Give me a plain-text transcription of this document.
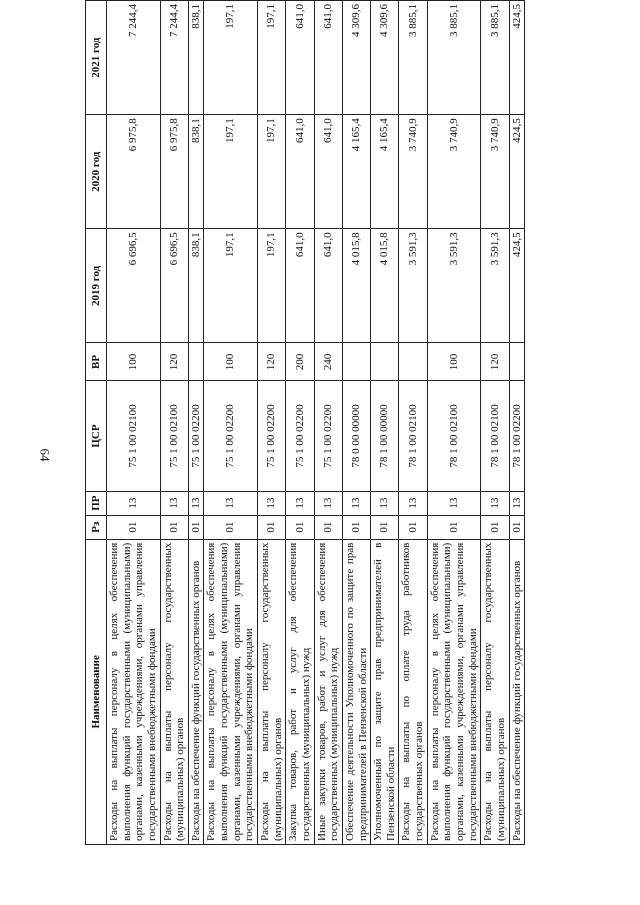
64
Наименование	Рз	ПР	ЦСР	ВР	2019 год	2020 год	2021 год
Расходы на выплаты персоналу в целях обеспечения выполнения функций государственными (муниципальными) органами, казенными учреждениями, органами управления государственными внебюджетными фондами	01	13	75 1 00 02100	100	6 696,5	6 975,8	7 244,4
Расходы на выплаты персоналу государственных (муниципальных) органов	01	13	75 1 00 02100	120	6 696,5	6 975,8	7 244,4
Расходы на обеспечение функций государственных органов	01	13	75 1 00 02200		838,1	838,1	838,1
Расходы на выплаты персоналу в целях обеспечения выполнения функций государственными (муниципальными) органами, казенными учреждениями, органами управления государственными внебюджетными фондами	01	13	75 1 00 02200	100	197,1	197,1	197,1
Расходы на выплаты персоналу государственных (муниципальных) органов	01	13	75 1 00 02200	120	197,1	197,1	197,1
Закупка товаров, работ и услуг для обеспечения государственных (муниципальных) нужд	01	13	75 1 00 02200	200	641,0	641,0	641,0
Иные закупки товаров, работ и услуг для обеспечения государственных (муниципальных) нужд	01	13	75 1 00 02200	240	641,0	641,0	641,0
Обеспечение деятельности Уполномоченного по защите прав предпринимателей в Пензенской области	01	13	78 0 00 00000		4 015,8	4 165,4	4 309,6
Уполномоченный по защите прав предпринимателей в Пензенской области	01	13	78 1 00 00000		4 015,8	4 165,4	4 309,6
Расходы на выплаты по оплате труда работников государственных органов	01	13	78 1 00 02100		3 591,3	3 740,9	3 885,1
Расходы на выплаты персоналу в целях обеспечения выполнения функций государственными (муниципальными) органами, казенными учреждениями, органами управления государственными внебюджетными фондами	01	13	78 1 00 02100	100	3 591,3	3 740,9	3 885,1
Расходы на выплаты персоналу государственных (муниципальных) органов	01	13	78 1 00 02100	120	3 591,3	3 740,9	3 885,1
Расходы на обеспечение функций государственных органов	01	13	78 1 00 02200		424,5	424,5	424,5
